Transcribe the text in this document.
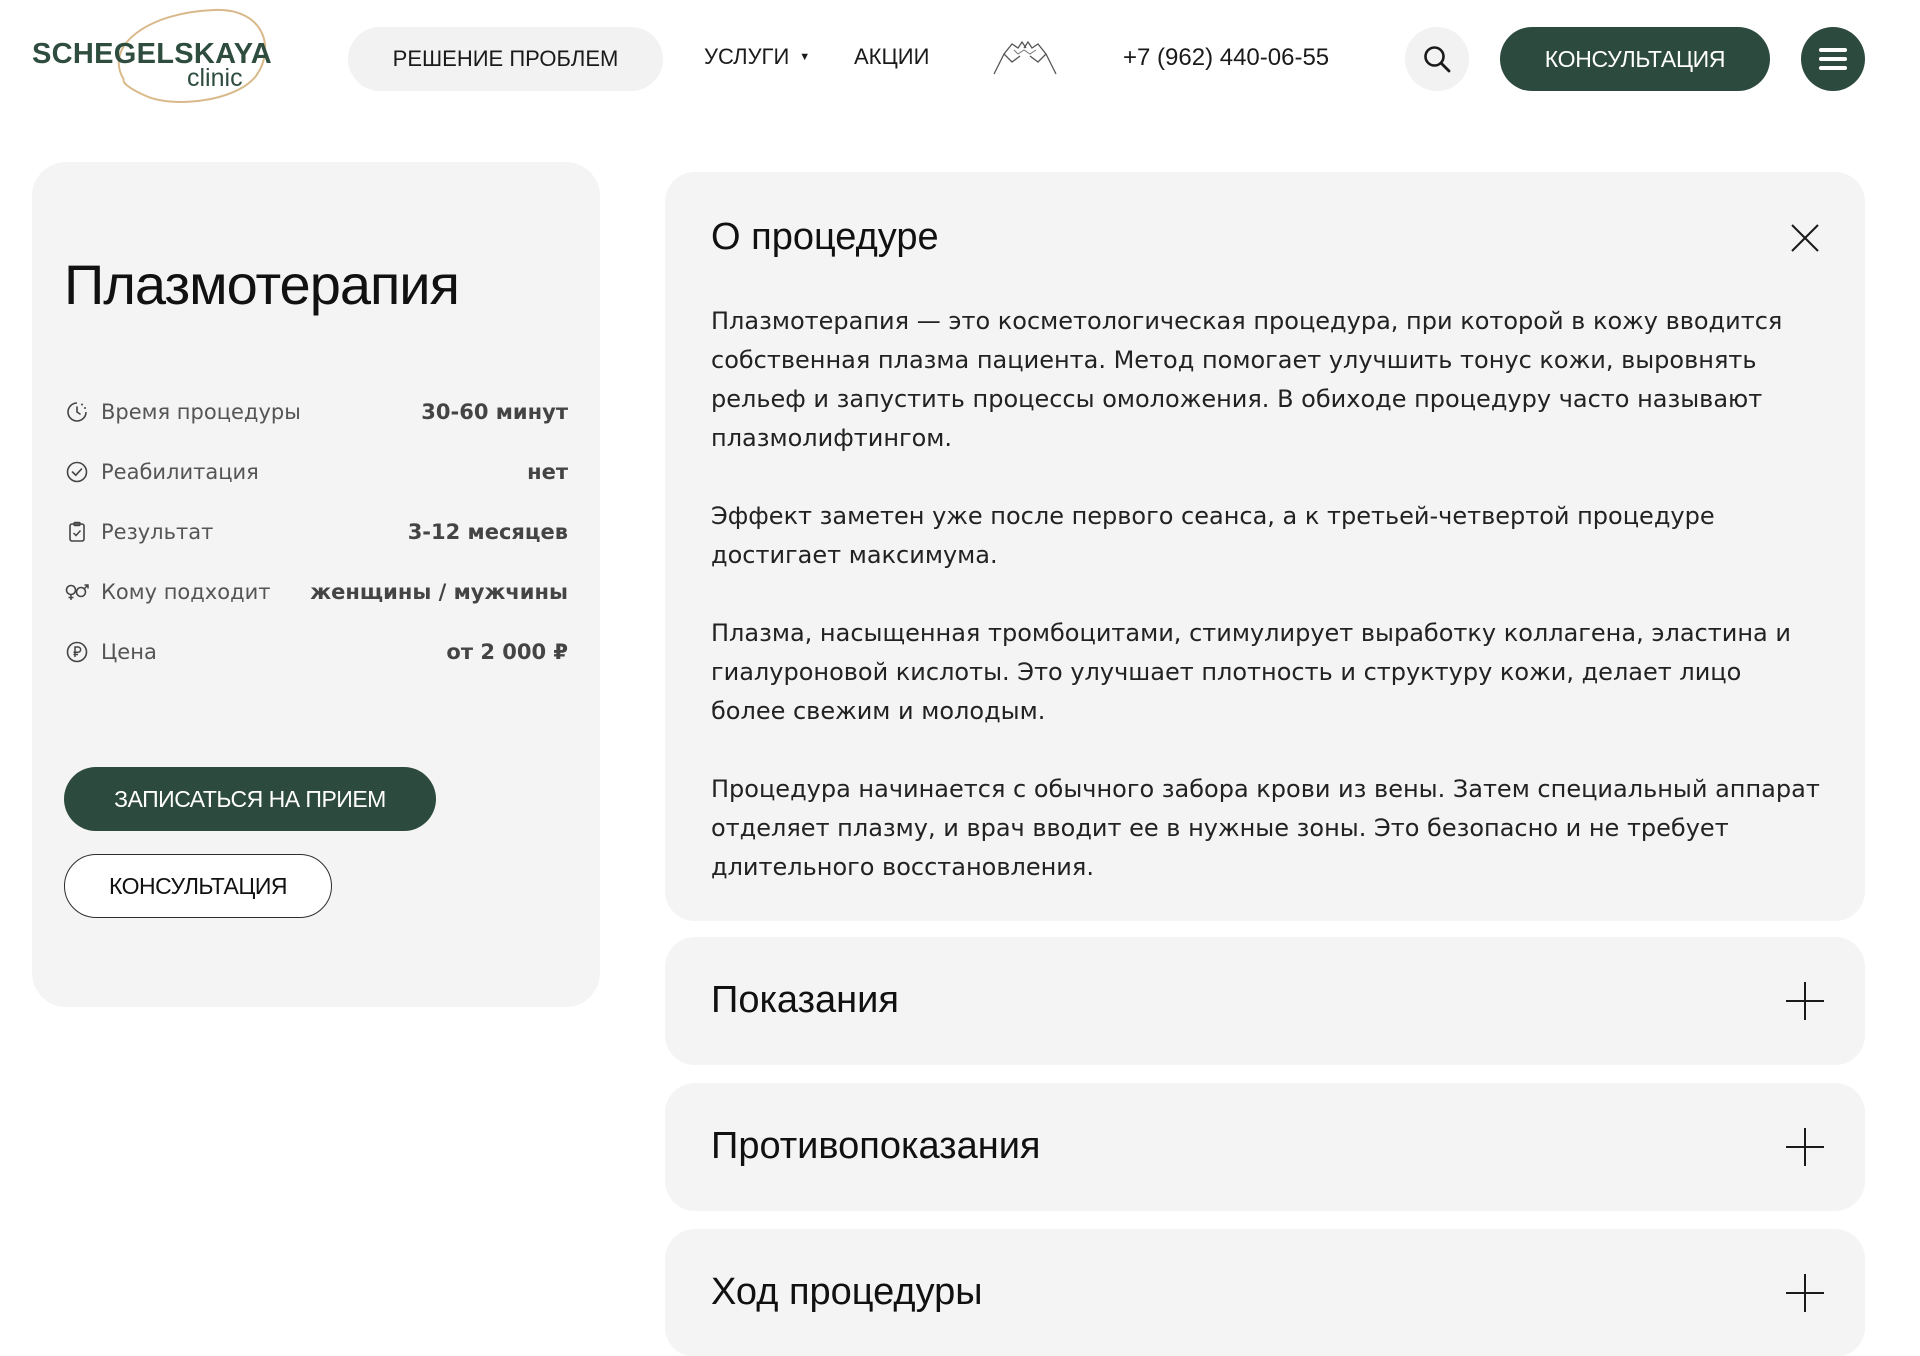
SCHEGELSKAYA
clinic
РЕШЕНИЕ ПРОБЛЕМ	УСЛУГИ ▼ АКЦИИ	+7 (962) 440-06-55	КОНСУЛЬТАЦИЯ
Плазмотерапия
Время процедуры	30-60 минут
Реабилитация	нет
Результат	3-12 месяцев
Кому подходит	женщины / мужчины
Цена	от 2 000 ₽
ЗАПИСАТЬСЯ НА ПРИЕМ
КОНСУЛЬТАЦИЯ
О процедуре

Плазмотерапия — это косметологическая процедура, при которой в кожу вводится собственная плазма пациента. Метод помогает улучшить тонус кожи, выровнять рельеф и запустить процессы омоложения. В обиходе процедуру часто называют плазмолифтингом.

Эффект заметен уже после первого сеанса, а к третьей-четвертой процедуре достигает максимума.

Плазма, насыщенная тромбоцитами, стимулирует выработку коллагена, эластина и гиалуроновой кислоты. Это улучшает плотность и структуру кожи, делает лицо более свежим и молодым.

Процедура начинается с обычного забора крови из вены. Затем специальный аппарат отделяет плазму, и врач вводит ее в нужные зоны. Это безопасно и не требует длительного восстановления.

Показания
Противопоказания
Ход процедуры
